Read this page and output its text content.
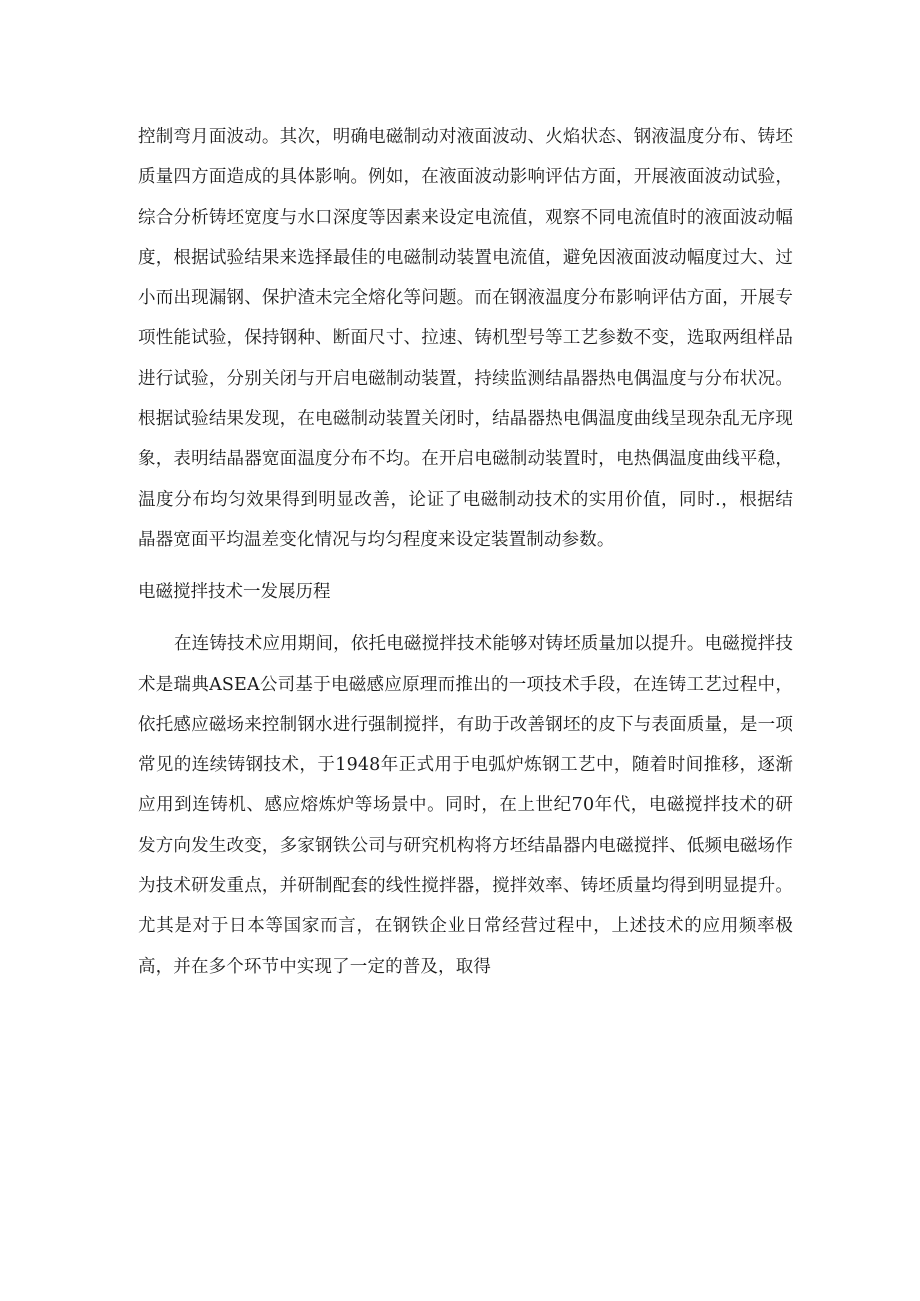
控制弯月面波动。其次，明确电磁制动对液面波动、火焰状态、钢液温度分布、铸坯质量四方面造成的具体影响。例如，在液面波动影响评估方面，开展液面波动试验，综合分析铸坯宽度与水口深度等因素来设定电流值，观察不同电流值时的液面波动幅度，根据试验结果来选择最佳的电磁制动装置电流值，避免因液面波动幅度过大、过小而出现漏钢、保护渣未完全熔化等问题。而在钢液温度分布影响评估方面，开展专项性能试验，保持钢种、断面尺寸、拉速、铸机型号等工艺参数不变，选取两组样品进行试验，分别关闭与开启电磁制动装置，持续监测结晶器热电偶温度与分布状况。根据试验结果发现，在电磁制动装置关闭时，结晶器热电偶温度曲线呈现杂乱无序现象，表明结晶器宽面温度分布不均。在开启电磁制动装置时，电热偶温度曲线平稳，温度分布均匀效果得到明显改善，论证了电磁制动技术的实用价值，同时.，根据结晶器宽面平均温差变化情况与均匀程度来设定装置制动参数。

电磁搅拌技术一发展历程

在连铸技术应用期间，依托电磁搅拌技术能够对铸坯质量加以提升。电磁搅拌技术是瑞典ASEA公司基于电磁感应原理而推出的一项技术手段，在连铸工艺过程中，依托感应磁场来控制钢水进行强制搅拌，有助于改善钢坯的皮下与表面质量，是一项常见的连续铸钢技术，于1948年正式用于电弧炉炼钢工艺中，随着时间推移，逐渐应用到连铸机、感应熔炼炉等场景中。同时，在上世纪70年代，电磁搅拌技术的研发方向发生改变，多家钢铁公司与研究机构将方坯结晶器内电磁搅拌、低频电磁场作为技术研发重点，并研制配套的线性搅拌器，搅拌效率、铸坯质量均得到明显提升。尤其是对于日本等国家而言，在钢铁企业日常经营过程中，上述技术的应用频率极高，并在多个环节中实现了一定的普及，取得
